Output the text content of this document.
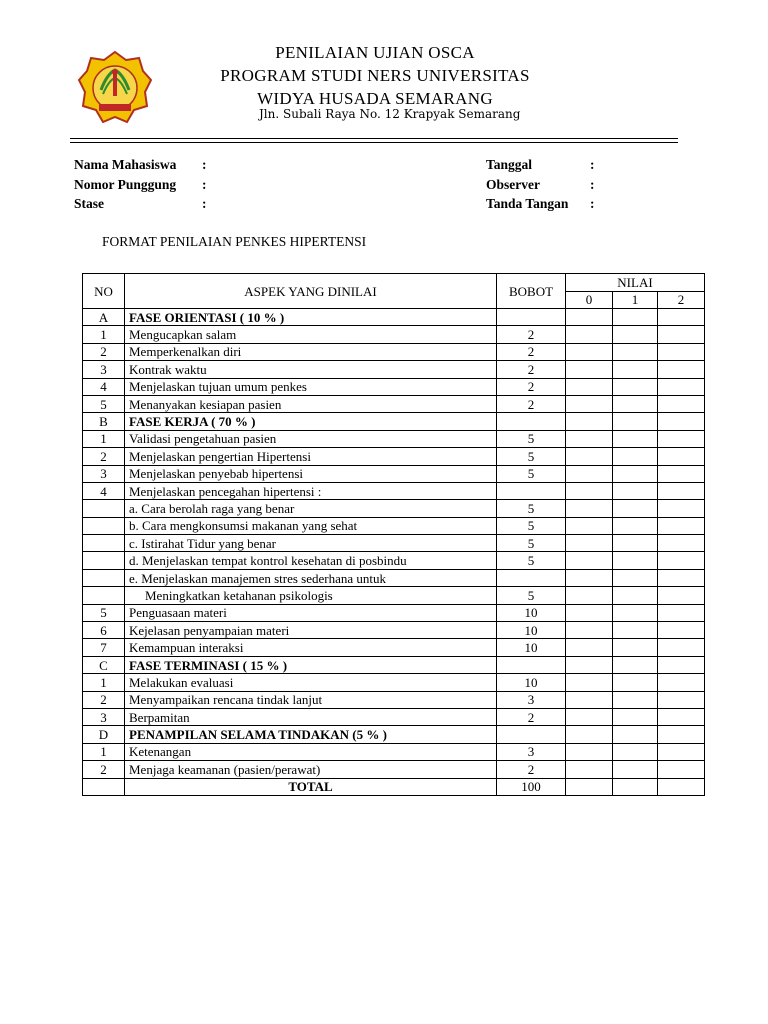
PENILAIAN UJIAN OSCA
PROGRAM STUDI NERS UNIVERSITAS
WIDYA HUSADA SEMARANG
Jln. Subali Raya No. 12 Krapyak Semarang
Nama Mahasiswa :
Nomor Punggung :
Stase	:
Tanggal	:
Observer	:
Tanda Tangan :
FORMAT PENILAIAN PENKES HIPERTENSI
NO	ASPEK YANG DINILAI	BOBOT	NILAI		
			0	1	2
A	FASE ORIENTASI ( 10 % )				
1	Mengucapkan salam	2			
2	Memperkenalkan diri	2			
3	Kontrak waktu	2			
4	Menjelaskan tujuan umum penkes	2			
5	Menanyakan kesiapan pasien	2			
B	FASE KERJA ( 70 % )				
1	Validasi pengetahuan pasien	5			
2	Menjelaskan pengertian Hipertensi	5			
3	Menjelaskan penyebab hipertensi	5			
4	Menjelaskan pencegahan hipertensi :				
	a. Cara berolah raga yang benar	5			
	b. Cara mengkonsumsi makanan yang sehat	5			
	c. Istirahat Tidur yang benar	5			
	d. Menjelaskan tempat kontrol kesehatan di posbindu	5			
	e. Menjelaskan manajemen stres sederhana untuk				
	Meningkatkan ketahanan psikologis	5			
5	Penguasaan materi	10			
6	Kejelasan penyampaian materi	10			
7	Kemampuan interaksi	10			
C	FASE TERMINASI ( 15 % )				
1	Melakukan evaluasi	10			
2	Menyampaikan rencana tindak lanjut	3			
3	Berpamitan	2			
D	PENAMPILAN SELAMA TINDAKAN (5 % )				
1	Ketenangan	3			
2	Menjaga keamanan (pasien/perawat)	2			
	TOTAL	100			
